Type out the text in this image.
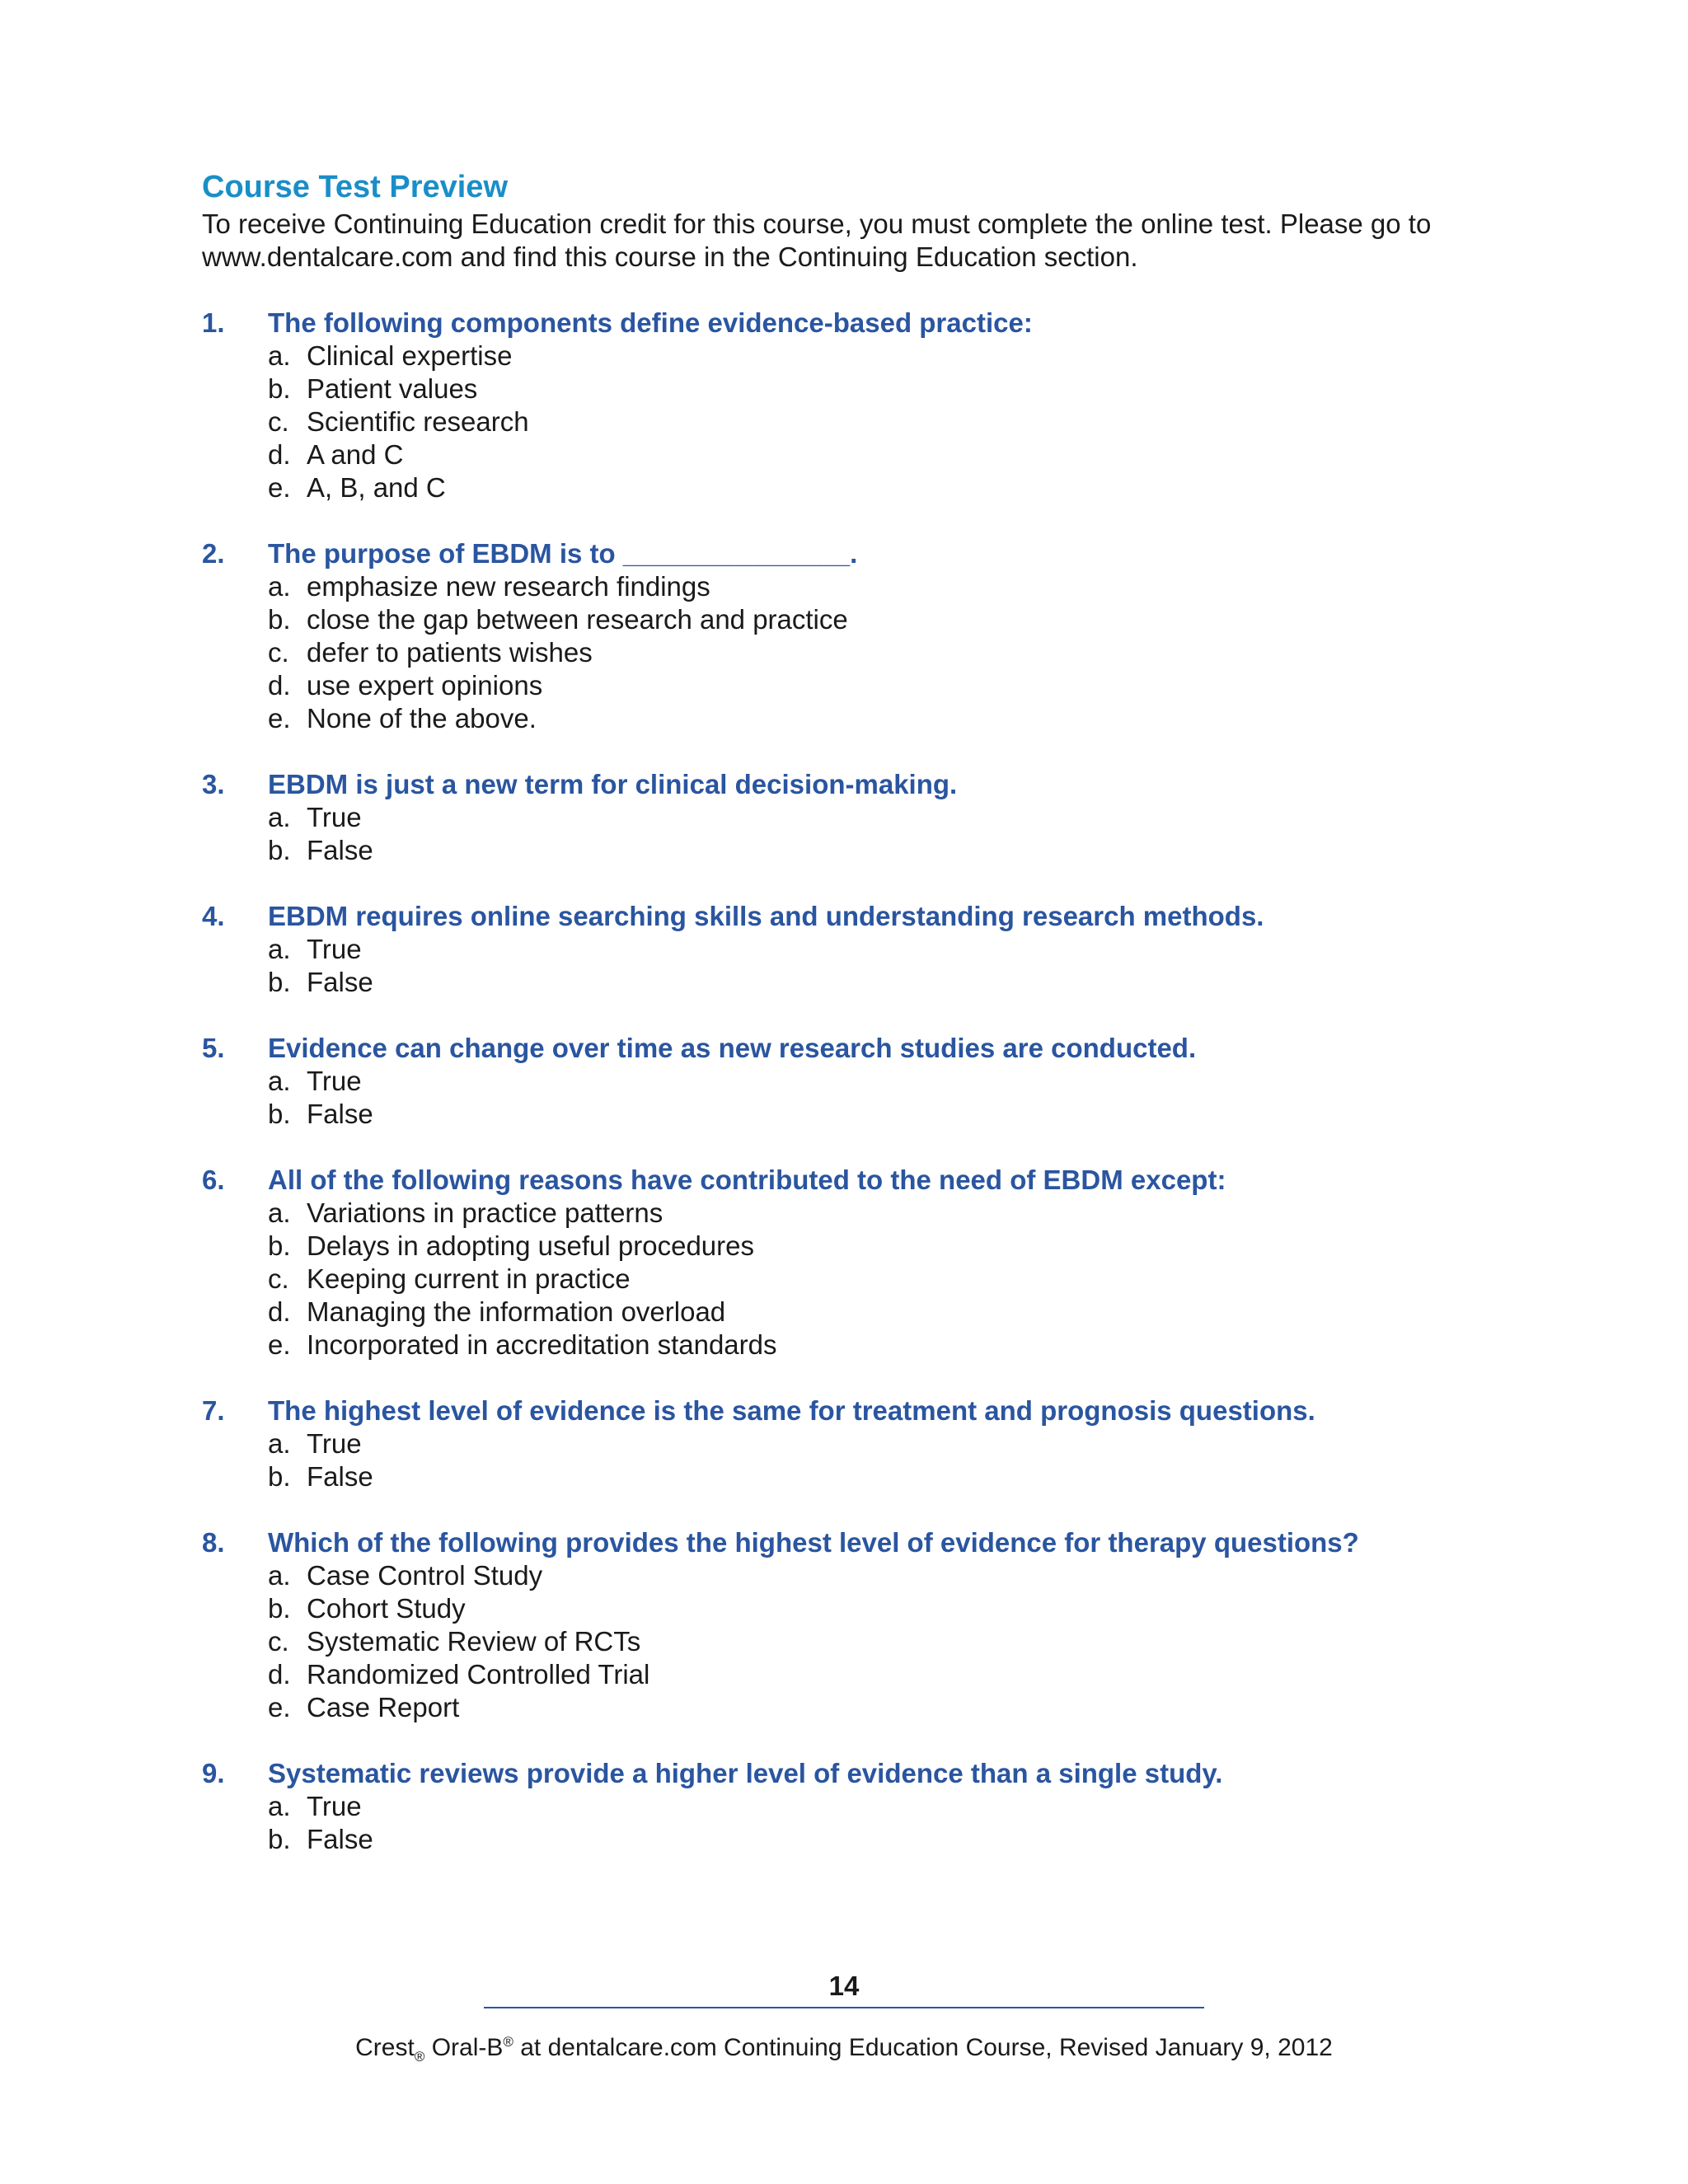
Course Test Preview

To receive Continuing Education credit for this course, you must complete the online test. Please go to www.dentalcare.com and find this course in the Continuing Education section.

1.	The following components define evidence-based practice:
a. Clinical expertise
b. Patient values
c. Scientific research
d. A and C
e. A, B, and C
2.	The purpose of EBDM is to _______________.
a. emphasize new research findings
b. close the gap between research and practice
c. defer to patients wishes
d. use expert opinions
e. None of the above.
3.	EBDM is just a new term for clinical decision-making.
a. True
b. False
4.	EBDM requires online searching skills and understanding research methods.
a. True
b. False
5.	Evidence can change over time as new research studies are conducted.
a. True
b. False
6.	All of the following reasons have contributed to the need of EBDM except:
a. Variations in practice patterns
b. Delays in adopting useful procedures
c. Keeping current in practice
d. Managing the information overload
e. Incorporated in accreditation standards
7.	The highest level of evidence is the same for treatment and prognosis questions.
a. True
b. False
8.	Which of the following provides the highest level of evidence for therapy questions?
a. Case Control Study
b. Cohort Study
c. Systematic Review of RCTs
d. Randomized Controlled Trial
e. Case Report
9.	Systematic reviews provide a higher level of evidence than a single study.
a. True
b. False
14
Crest$_®$ Oral-B® at dentalcare.com Continuing Education Course, Revised January 9, 2012
